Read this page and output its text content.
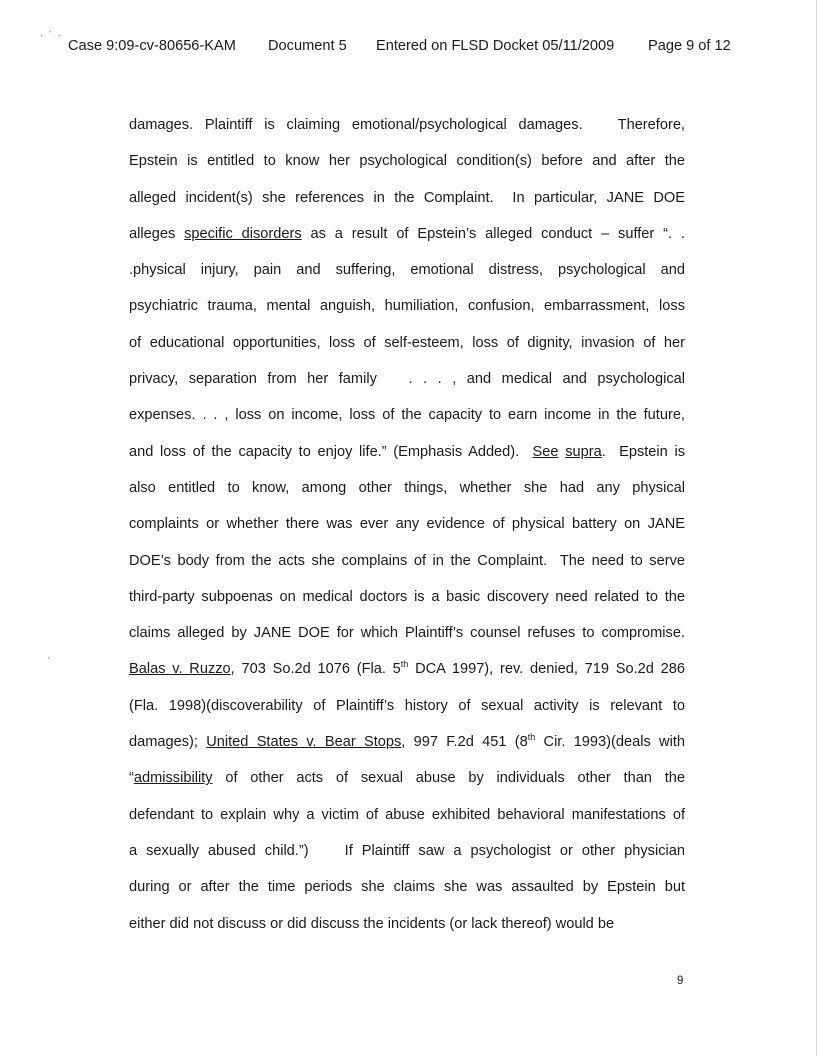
·´·
Case 9:09-cv-80656-KAM Document 5 Entered on FLSD Docket 05/11/2009 Page 9 of 12
damages. Plaintiff is claiming emotional/psychological damages.   Therefore,
Epstein is entitled to know her psychological condition(s) before and after the
alleged incident(s) she references in the Complaint.  In particular, JANE DOE
alleges specific disorders as a result of Epstein’s alleged conduct – suffer “. .
.physical injury, pain and suffering, emotional distress, psychological and
psychiatric trauma, mental anguish, humiliation, confusion, embarrassment, loss
of educational opportunities, loss of self-esteem, loss of dignity, invasion of her
privacy, separation from her family   . . . , and medical and psychological
expenses. . . , loss on income, loss of the capacity to earn income in the future,
and loss of the capacity to enjoy life.” (Emphasis Added).  See supra.  Epstein is
also entitled to know, among other things, whether she had any physical
complaints or whether there was ever any evidence of physical battery on JANE
DOE’s body from the acts she complains of in the Complaint.  The need to serve
third-party subpoenas on medical doctors is a basic discovery need related to the
claims alleged by JANE DOE for which Plaintiff’s counsel refuses to compromise.
Balas v. Ruzzo, 703 So.2d 1076 (Fla. 5th DCA 1997), rev. denied, 719 So.2d 286
(Fla. 1998)(discoverability of Plaintiff’s history of sexual activity is relevant to
damages); United States v. Bear Stops, 997 F.2d 451 (8th Cir. 1993)(deals with
“admissibility of other acts of sexual abuse by individuals other than the
defendant to explain why a victim of abuse exhibited behavioral manifestations of
a sexually abused child.”)    If Plaintiff saw a psychologist or other physician
during or after the time periods she claims she was assaulted by Epstein but
either did not discuss or did discuss the incidents (or lack thereof) would be
9
